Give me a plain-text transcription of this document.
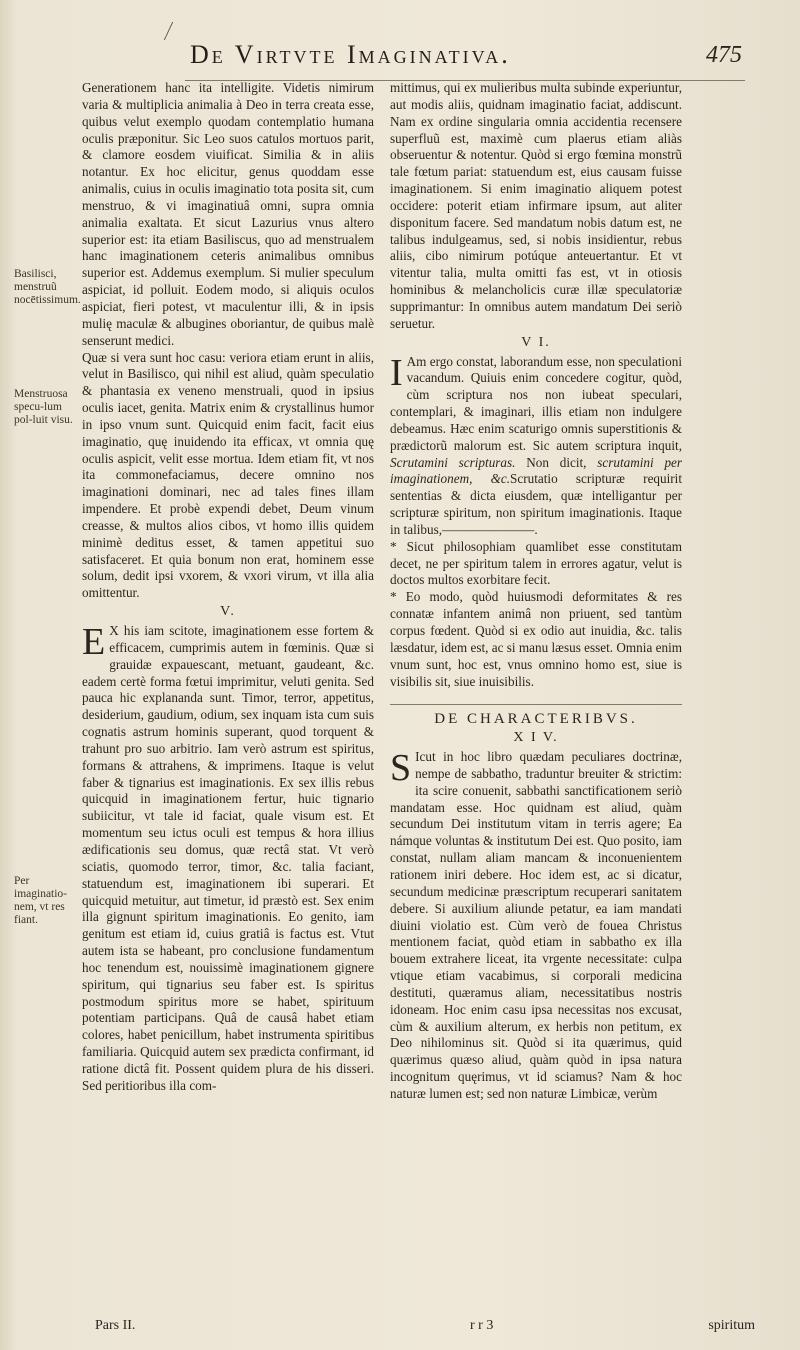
De Virtvte Imaginativa.	475
Basilisci, menstruũ nocētissimum.
Menstruosa specu-lum pol-luit visu.
Per imaginatio-nem, vt res fiant.

Generationem hanc ita intelligite. Videtis nimirum varia & multiplicia animalia à Deo in terra creata esse, quibus velut exemplo quodam contemplatio humana oculis præponitur. Sic Leo suos catulos mortuos parit, & clamore eosdem viuificat. Similia & in aliis notantur. Ex hoc elicitur, genus quoddam esse animalis, cuius in oculis imaginatio tota posita sit, cum menstruo, & vi imaginatiuâ omni, supra omnia animalia exaltata. Et sicut Lazurius vnus altero superior est: ita etiam Basiliscus, quo ad menstrualem hanc imaginationem ceteris animalibus omnibus superior est. Addemus exemplum. Si mulier speculum aspiciat, id polluit. Eodem modo, si aliquis oculos aspiciat, fieri potest, vt maculentur illi, & in ipsis mulię maculæ & albugines oboriantur, de quibus malè senserunt medici.

Quæ si vera sunt hoc casu: veriora etiam erunt in aliis, velut in Basilisco, qui nihil est aliud, quàm speculatio & phantasia ex veneno menstruali, quod in ipsius oculis iacet, genita. Matrix enim & crystallinus humor in ipso vnum sunt. Quicquid enim facit, facit eius imaginatio, quę inuidendo ita efficax, vt omnia quę oculis aspicit, velit esse mortua. Idem etiam fit, vt nos ita commonefaciamus, decere omnino nos imaginationi dominari, nec ad tales fines illam impendere. Et probè expendi debet, Deum vinum creasse, & multos alios cibos, vt homo illis quidem minimè deditus esset, & tamen appetitui suo satisfaceret. Et quia bonum non erat, hominem esse solum, dedit ipsi vxorem, & vxori virum, vt illa alia omittentur.

V.

E X his iam scitote, imaginationem esse fortem & efficacem, cumprimis autem in fœminis. Quæ si grauidæ expauescant, metuant, gaudeant, &c. eadem certè forma fœtui imprimitur, veluti genita. Sed pauca hic explananda sunt. Timor, terror, appetitus, desiderium, gaudium, odium, sex inquam ista cum suis cognatis astrum hominis superant, quod torquent & trahunt pro suo arbitrio. Iam verò astrum est spiritus, formans & attrahens, & imprimens. Itaque is velut faber & tignarius est imaginationis. Ex sex illis rebus quicquid in imaginationem fertur, huic tignario subiicitur, vt tale id faciat, quale visum est. Et momentum seu ictus oculi est tempus & hora illius ædificationis seu domus, quæ rectâ stat. Vt verò sciatis, quomodo terror, timor, &c. talia faciant, statuendum est, imaginationem ibi superari. Et quicquid metuitur, aut timetur, id præstò est. Sex enim illa gignunt spiritum imaginationis. Eo genito, iam genitum est etiam id, cuius gratiâ is factus est. Vtut autem ista se habeant, pro conclusione fundamentum hoc tenendum est, nouissimè imaginationem gignere spiritum, qui tignarius seu faber est. Is spiritus postmodum spiritus more se habet, spirituum potentiam participans. Quâ de causâ habet etiam colores, habet penicillum, habet instrumenta spiritibus familiaria. Quicquid autem sex prædicta confirmant, id ratione dictâ fit. Possent quidem plura de his disseri. Sed peritioribus illa com-

mittimus, qui ex mulieribus multa subinde experiuntur, aut modis aliis, quidnam imaginatio faciat, addiscunt. Nam ex ordine singularia omnia accidentia recensere superfluũ est, maximè cum plaerus etiam aliàs obseruentur & notentur. Quòd si ergo fœmina monstrũ tale fœtum pariat: statuendum est, eius causam fuisse imaginationem. Si enim imaginatio aliquem potest occidere: poterit etiam infirmare ipsum, aut aliter disponitum facere. Sed mandatum nobis datum est, ne talibus indulgeamus, sed, si nobis insidientur, rebus aliis, cibo nimirum potúque anteuertantur. Et vt vitentur talia, multa omitti fas est, vt in otiosis hominibus & melancholicis curæ illæ speculatoriæ supprimantur: In omnibus autem mandatum Dei seriò seruetur.

V I.

I Am ergo constat, laborandum esse, non speculationi vacandum. Quiuis enim concedere cogitur, quòd, cùm scriptura nos non iubeat speculari, contemplari, & imaginari, illis etiam non indulgere debeamus. Hæc enim scaturigo omnis superstitionis & prædictorũ malorum est. Sic autem scriptura inquit, Scrutamini scripturas. Non dicit, scrutamini per imaginationem, &c.Scrutatio scripturæ requirit sententias & dicta eiusdem, quæ intelligantur per scripturæ spiritum, non spiritum imaginationis. Itaque in talibus,———————.

* Sicut philosophiam quamlibet esse constitutam decet, ne per spiritum talem in errores agatur, velut is doctos multos exorbitare fecit.

* Eo modo, quòd huiusmodi deformitates & res connatæ infantem animâ non priuent, sed tantùm corpus fœdent. Quòd si ex odio aut inuidia, &c. talis læsdatur, idem est, ac si manu læsus esset. Omnia enim vnum sunt, hoc est, vnus omnino homo est, siue is visibilis sit, siue inuisibilis.

DE CHARACTERIBVS.
X I V.

S Icut in hoc libro quædam peculiares doctrinæ, nempe de sabbatho, traduntur breuiter & strictim: ita scire conuenit, sabbathi sanctificationem seriò mandatam esse. Hoc quidnam est aliud, quàm secundum Dei institutum vitam in terris agere; Ea námque voluntas & institutum Dei est. Quo posito, iam constat, nullam aliam mancam & inconuenientem rationem iniri debere. Hoc idem est, ac si dicatur, secundum medicinæ præscriptum recuperari sanitatem debere. Si auxilium aliunde petatur, ea iam mandati diuini violatio est. Cùm verò de fouea Christus mentionem faciat, quòd etiam in sabbatho ex illa bouem extrahere liceat, ita vrgente necessitate: culpa vtique etiam vacabimus, si corporali medicina destituti, quæramus aliam, necessitatibus nostris idoneam. Hoc enim casu ipsa necessitas nos excusat, cùm & auxilium alterum, ex herbis non petitum, ex Deo nihilominus sit. Quòd si ita quærimus, quid quærimus quæso aliud, quàm quòd in ipsa natura incognitum quęrimus, vt id sciamus? Nam & hoc naturæ lumen est; sed non naturæ Limbicæ, verùm

Pars II.	r r 3	spiritum
